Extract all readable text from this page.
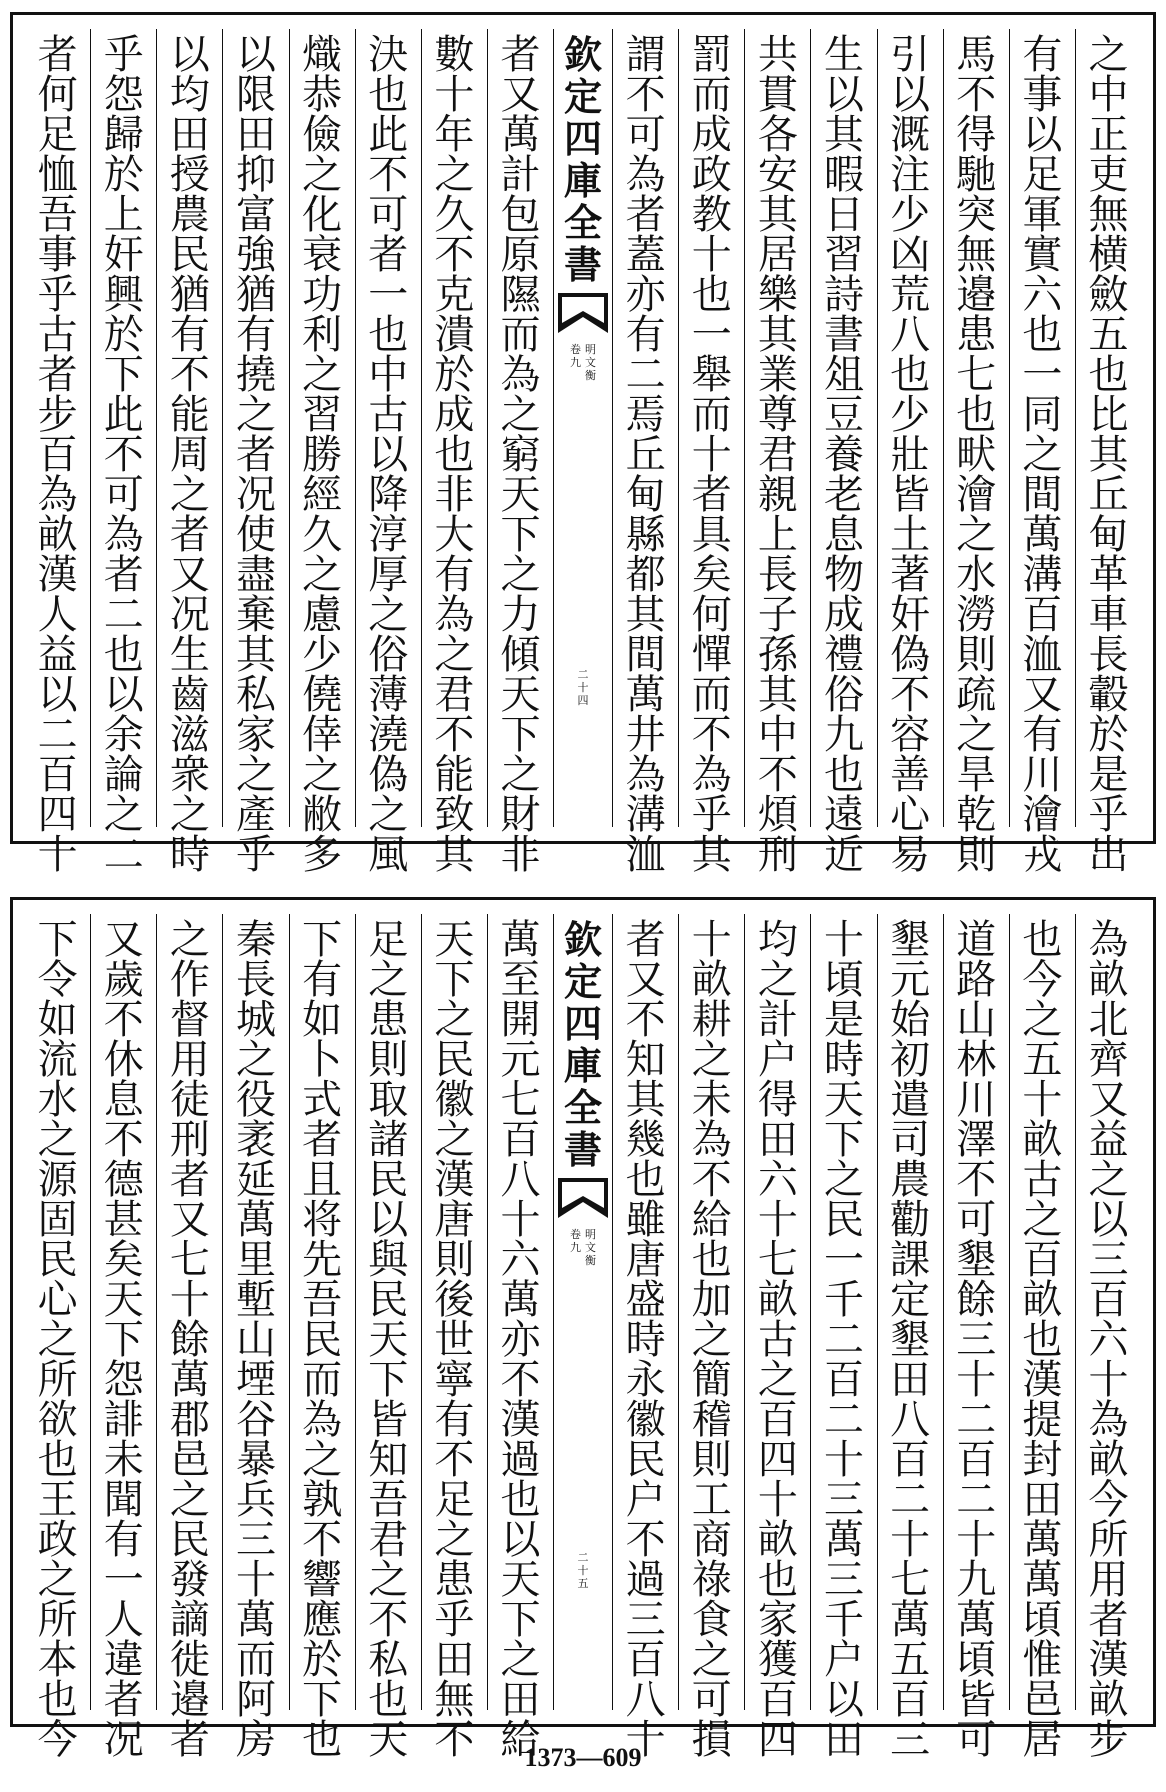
之
中
正
吏
無
横
斂
五
也
比
其
丘
甸
革
車
長
轂
於
是
乎
出
有
事
以
足
軍
實
六
也
一
同
之
間
萬
溝
百
洫
又
有
川
澮
戎
馬
不
得
馳
突
無
邉
患
七
也
畎
澮
之
水
澇
則
疏
之
旱
乾
則
引
以
溉
注
少
凶
荒
八
也
少
壯
皆
土
著
奸
偽
不
容
善
心
易
生
以
其
暇
日
習
詩
書
俎
豆
養
老
息
物
成
禮
俗
九
也
遠
近
共
貫
各
安
其
居
樂
其
業
尊
君
親
上
長
子
孫
其
中
不
煩
刑
罰
而
成
政
教
十
也
一
舉
而
十
者
具
矣
何
憚
而
不
為
乎
其
謂
不
可
為
者
蓋
亦
有
二
焉
丘
甸
縣
都
其
間
萬
井
為
溝
洫
欽
定
四
庫
全
書
明
文
衡
卷
九
二
十
四
者
又
萬
計
包
原
隰
而
為
之
窮
天
下
之
力
傾
天
下
之
財
非
數
十
年
之
久
不
克
潰
於
成
也
非
大
有
為
之
君
不
能
致
其
決
也
此
不
可
者
一
也
中
古
以
降
淳
厚
之
俗
薄
澆
偽
之
風
熾
恭
儉
之
化
衰
功
利
之
習
勝
經
久
之
慮
少
僥
倖
之
敝
多
以
限
田
抑
富
強
猶
有
撓
之
者
况
使
盡
棄
其
私
家
之
產
乎
以
均
田
授
農
民
猶
有
不
能
周
之
者
又
况
生
齒
滋
衆
之
時
乎
怨
歸
於
上
奸
興
於
下
此
不
可
為
者
二
也
以
余
論
之
二
者
何
足
恤
吾
事
乎
古
者
步
百
為
畝
漢
人
益
以
二
百
四
十
為
畝
北
齊
又
益
之
以
三
百
六
十
為
畝
今
所
用
者
漢
畝
步
也
今
之
五
十
畝
古
之
百
畝
也
漢
提
封
田
萬
萬
頃
惟
邑
居
道
路
山
林
川
澤
不
可
墾
餘
三
十
二
百
二
十
九
萬
頃
皆
可
墾
元
始
初
遣
司
農
勸
課
定
墾
田
八
百
二
十
七
萬
五
百
三
十
頃
是
時
天
下
之
民
一
千
二
百
二
十
三
萬
三
千
户
以
田
均
之
計
户
得
田
六
十
七
畝
古
之
百
四
十
畝
也
家
獲
百
四
十
畝
耕
之
未
為
不
給
也
加
之
簡
稽
則
工
商
祿
食
之
可
損
者
又
不
知
其
幾
也
雖
唐
盛
時
永
徽
民
户
不
過
三
百
八
十
欽
定
四
庫
全
書
明
文
衡
卷
九
二
十
五
萬
至
開
元
七
百
八
十
六
萬
亦
不
漢
過
也
以
天
下
之
田
給
天
下
之
民
徽
之
漢
唐
則
後
世
寧
有
不
足
之
患
乎
田
無
不
足
之
患
則
取
諸
民
以
與
民
天
下
皆
知
吾
君
之
不
私
也
天
下
有
如
卜
式
者
且
将
先
吾
民
而
為
之
孰
不
響
應
於
下
也
秦
長
城
之
役
袤
延
萬
里
塹
山
堙
谷
暴
兵
三
十
萬
而
阿
房
之
作
督
用
徒
刑
者
又
七
十
餘
萬
郡
邑
之
民
發
謫
徙
邉
者
又
歲
不
休
息
不
德
甚
矣
天
下
怨
誹
未
聞
有
一
人
違
者
况
下
令
如
流
水
之
源
固
民
心
之
所
欲
也
王
政
之
所
本
也
今	1373—609
